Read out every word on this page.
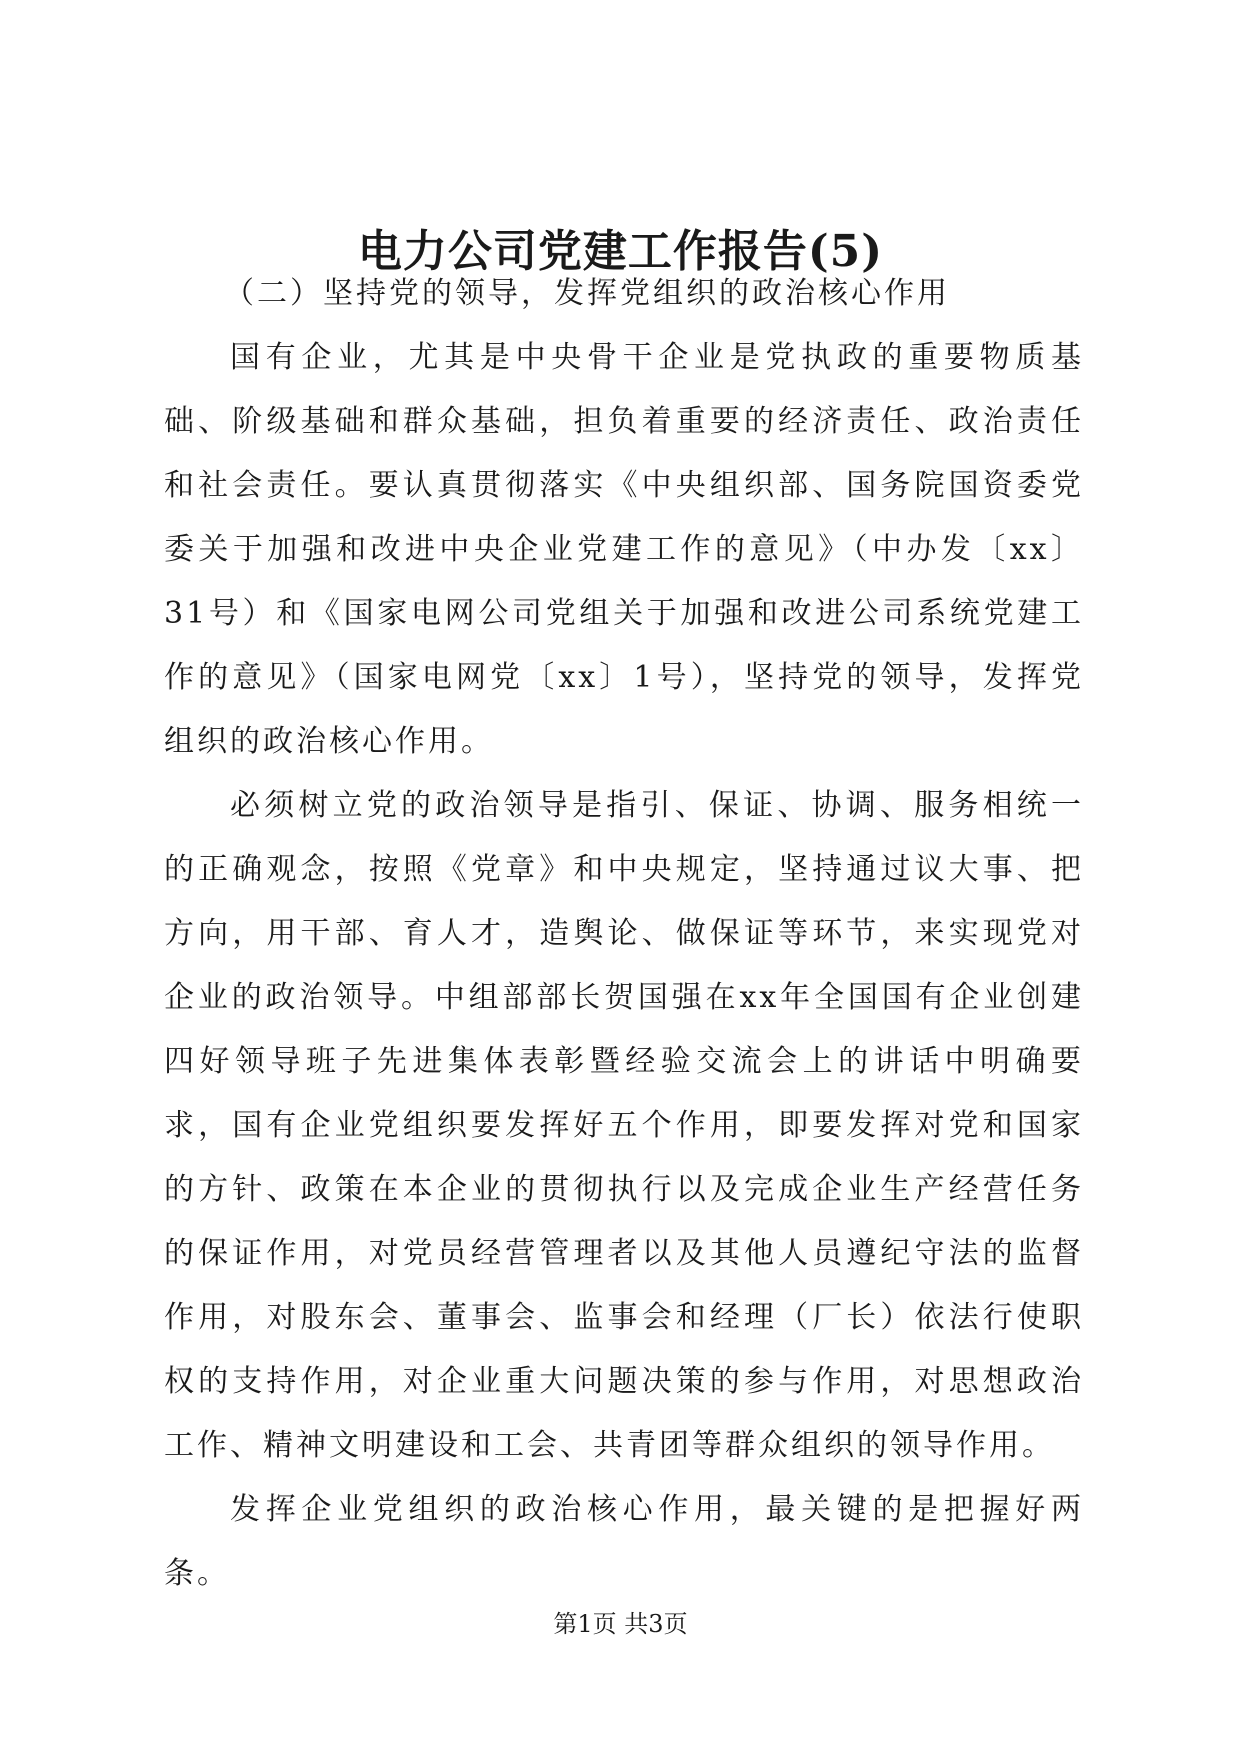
电力公司党建工作报告(5)

（二）坚持党的领导，发挥党组织的政治核心作用

国有企业，尤其是中央骨干企业是党执政的重要物质基础、阶级基础和群众基础，担负着重要的经济责任、政治责任和社会责任。要认真贯彻落实《中央组织部、国务院国资委党委关于加强和改进中央企业党建工作的意见》（中办发〔xx〕31号）和《国家电网公司党组关于加强和改进公司系统党建工作的意见》（国家电网党〔xx〕1号），坚持党的领导，发挥党组织的政治核心作用。

必须树立党的政治领导是指引、保证、协调、服务相统一的正确观念，按照《党章》和中央规定，坚持通过议大事、把方向，用干部、育人才，造舆论、做保证等环节，来实现党对企业的政治领导。中组部部长贺国强在xx年全国国有企业创建四好领导班子先进集体表彰暨经验交流会上的讲话中明确要求，国有企业党组织要发挥好五个作用，即要发挥对党和国家的方针、政策在本企业的贯彻执行以及完成企业生产经营任务的保证作用，对党员经营管理者以及其他人员遵纪守法的监督作用，对股东会、董事会、监事会和经理（厂长）依法行使职权的支持作用，对企业重大问题决策的参与作用，对思想政治工作、精神文明建设和工会、共青团等群众组织的领导作用。

发挥企业党组织的政治核心作用，最关键的是把握好两条。

第1页 共3页
